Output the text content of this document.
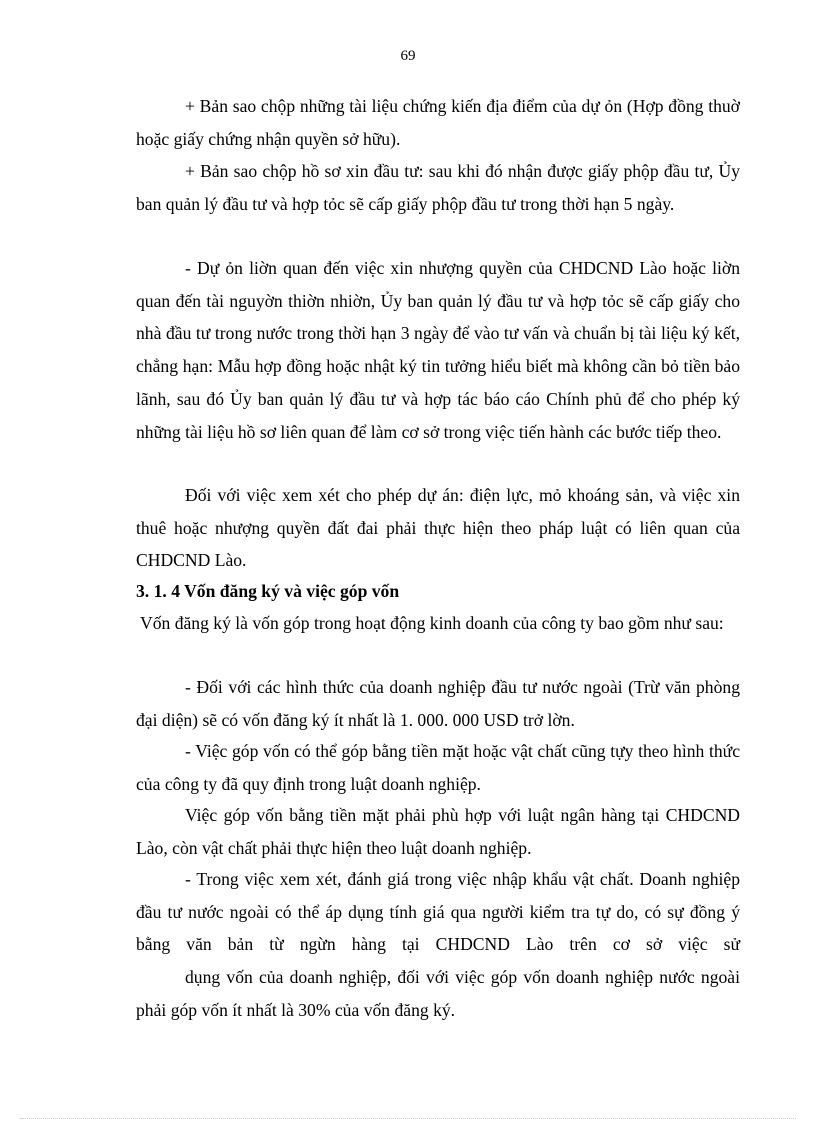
69

+ Bản sao chộp những tài liệu chứng kiến địa điểm của dự ỏn (Hợp đồng thuờ hoặc giấy chứng nhận quyền sở hữu).

+ Bản sao chộp hồ sơ xin đầu tư: sau khi đó nhận được giấy phộp đầu tư, Ủy ban quản lý đầu tư và hợp tỏc sẽ cấp giấy phộp đầu tư trong thời hạn 5 ngày.

- Dự ỏn liờn quan đến việc xin nhượng quyền của CHDCND Lào hoặc liờn quan đến tài nguyờn thiờn nhiờn, Ủy ban quản lý đầu tư và hợp tỏc sẽ cấp giấy cho nhà đầu tư trong nước trong thời hạn 3 ngày để vào tư vấn và chuẩn bị tài liệu ký kết, chẳng hạn: Mẫu hợp đồng hoặc nhật ký tin tưởng hiểu biết mà không cần bỏ tiền bảo lãnh, sau đó Ủy ban quản lý đầu tư và hợp tác báo cáo Chính phủ để cho phép ký những tài liệu hồ sơ liên quan để làm cơ sở trong việc tiến hành các bước tiếp theo.

Đối với việc xem xét cho phép dự án: điện lực, mỏ khoáng sản, và việc xin thuê hoặc nhượng quyền đất đai phải thực hiện theo pháp luật có liên quan của CHDCND Lào.

3. 1. 4 Vốn đăng ký và việc góp vốn

Vốn đăng ký là vốn góp trong hoạt động kinh doanh của công ty bao gồm như sau:

- Đối với các hình thức của doanh nghiệp đầu tư nước ngoài (Trừ văn phòng đại diện) sẽ có vốn đăng ký ít nhất là 1. 000. 000 USD trở lờn.

- Việc góp vốn có thể góp bằng tiền mặt hoặc vật chất cũng tựy theo hình thức của công ty đã quy định trong luật doanh nghiệp.

Việc góp vốn bằng tiền mặt phải phù hợp với luật ngân hàng tại CHDCND Lào, còn vật chất phải thực hiện theo luật doanh nghiệp.

- Trong việc xem xét, đánh giá trong việc nhập khẩu vật chất. Doanh nghiệp đầu tư nước ngoài có thể áp dụng tính giá qua người kiểm tra tự do, có sự đồng ý bằng văn bản từ ngừn hàng tại CHDCND Lào trên cơ sở việc sử

dụng vốn của doanh nghiệp, đối với việc góp vốn doanh nghiệp nước ngoài phải góp vốn ít nhất là 30% của vốn đăng ký.
